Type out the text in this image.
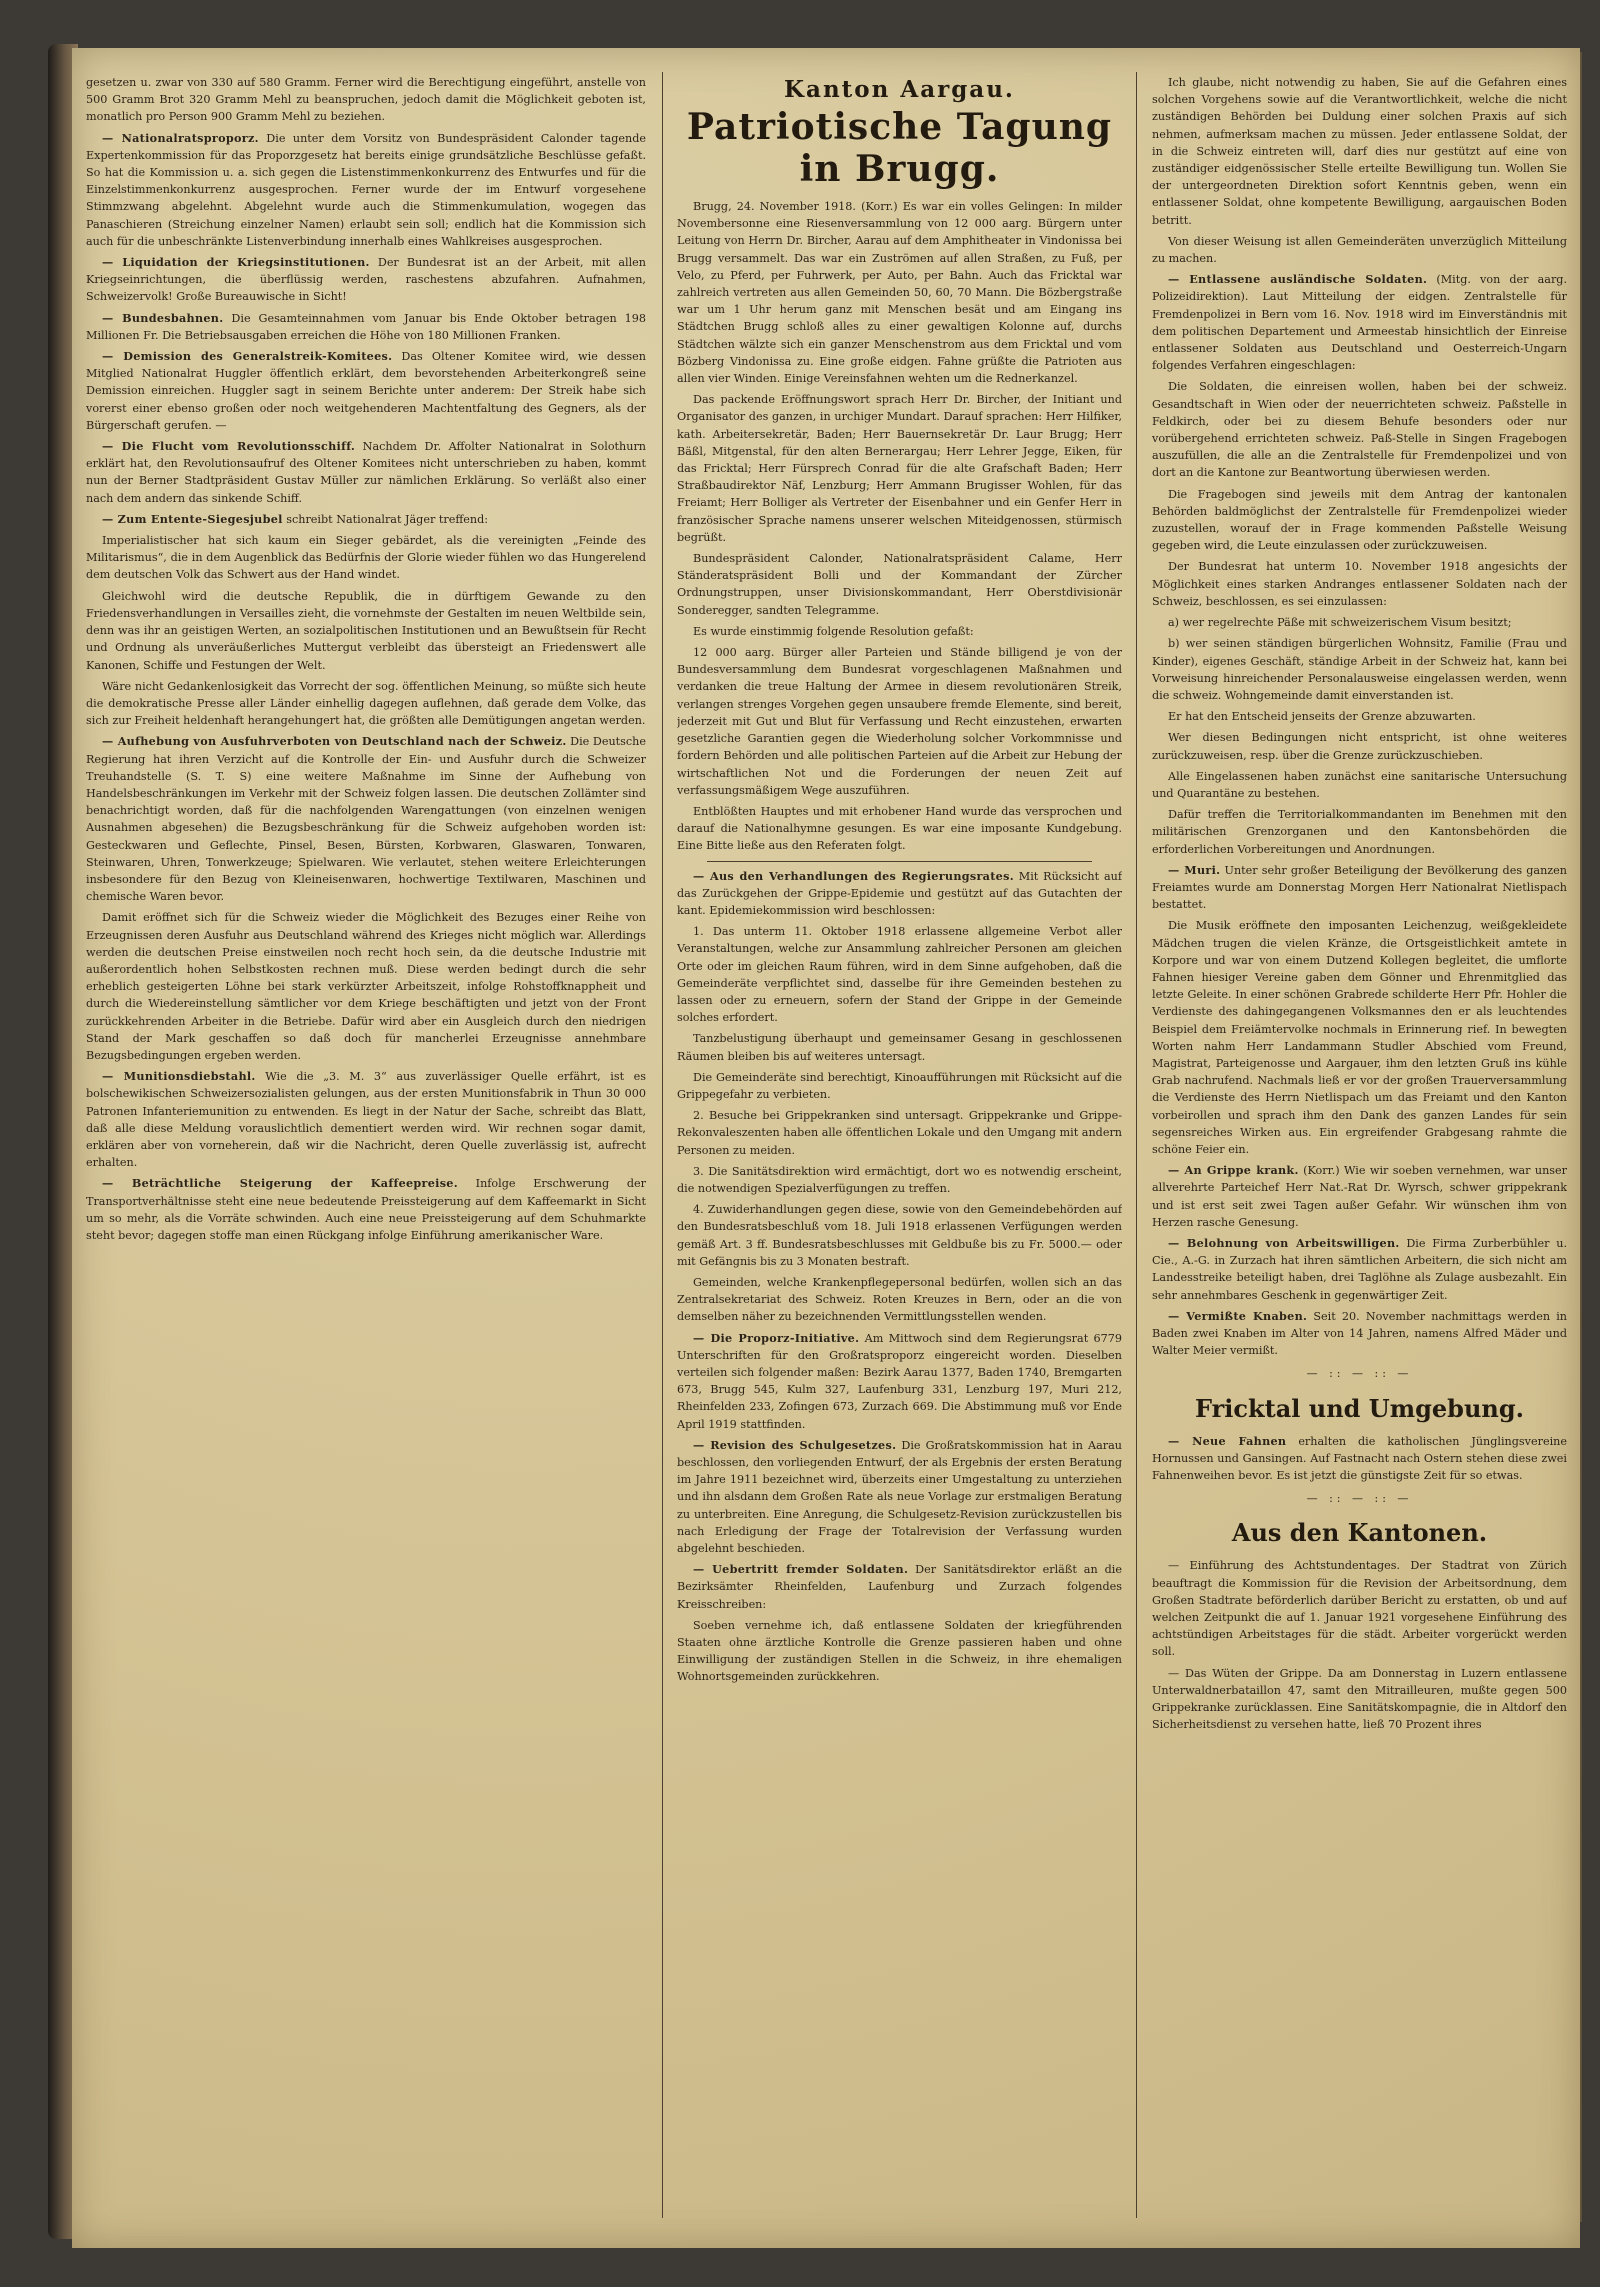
gesetzen u. zwar von 330 auf 580 Gramm. Ferner wird die Berechtigung eingeführt, anstelle von 500 Gramm Brot 320 Gramm Mehl zu beanspruchen, jedoch damit die Möglichkeit geboten ist, monatlich pro Person 900 Gramm Mehl zu beziehen.

— Nationalratsproporz. Die unter dem Vorsitz von Bundespräsident Calonder tagende Expertenkommission für das Proporzgesetz hat bereits einige grundsätzliche Beschlüsse gefaßt. So hat die Kommission u. a. sich gegen die Listenstimmenkonkurrenz des Entwurfes und für die Einzelstimmenkonkurrenz ausgesprochen. Ferner wurde der im Entwurf vorgesehene Stimmzwang abgelehnt. Abgelehnt wurde auch die Stimmenkumulation, wogegen das Panaschieren (Streichung einzelner Namen) erlaubt sein soll; endlich hat die Kommission sich auch für die unbeschränkte Listenverbindung innerhalb eines Wahlkreises ausgesprochen.

— Liquidation der Kriegsinstitutionen. Der Bundesrat ist an der Arbeit, mit allen Kriegseinrichtungen, die überflüssig werden, raschestens abzufahren. Aufnahmen, Schweizervolk! Große Bureauwische in Sicht!

— Bundesbahnen. Die Gesamteinnahmen vom Januar bis Ende Oktober betragen 198 Millionen Fr. Die Betriebsausgaben erreichen die Höhe von 180 Millionen Franken.

— Demission des Generalstreik-Komitees. Das Oltener Komitee wird, wie dessen Mitglied Nationalrat Huggler öffentlich erklärt, dem bevorstehenden Arbeiterkongreß seine Demission einreichen. Huggler sagt in seinem Berichte unter anderem: Der Streik habe sich vorerst einer ebenso großen oder noch weitgehenderen Machtentfaltung des Gegners, als der Bürgerschaft gerufen. —

— Die Flucht vom Revolutionsschiff. Nachdem Dr. Affolter Nationalrat in Solothurn erklärt hat, den Revolutionsaufruf des Oltener Komitees nicht unterschrieben zu haben, kommt nun der Berner Stadtpräsident Gustav Müller zur nämlichen Erklärung. So verläßt also einer nach dem andern das sinkende Schiff.

— Zum Entente-Siegesjubel schreibt Nationalrat Jäger treffend:

Imperialistischer hat sich kaum ein Sieger gebärdet, als die vereinigten „Feinde des Militarismus“, die in dem Augenblick das Bedürfnis der Glorie wieder fühlen wo das Hungerelend dem deutschen Volk das Schwert aus der Hand windet.

Gleichwohl wird die deutsche Republik, die in dürftigem Gewande zu den Friedensverhandlungen in Versailles zieht, die vornehmste der Gestalten im neuen Weltbilde sein, denn was ihr an geistigen Werten, an sozialpolitischen Institutionen und an Bewußtsein für Recht und Ordnung als unveräußerliches Muttergut verbleibt das übersteigt an Friedenswert alle Kanonen, Schiffe und Festungen der Welt.

Wäre nicht Gedankenlosigkeit das Vorrecht der sog. öffentlichen Meinung, so müßte sich heute die demokratische Presse aller Länder einhellig dagegen auflehnen, daß gerade dem Volke, das sich zur Freiheit heldenhaft herangehungert hat, die größten alle Demütigungen angetan werden.

— Aufhebung von Ausfuhrverboten von Deutschland nach der Schweiz. Die Deutsche Regierung hat ihren Verzicht auf die Kontrolle der Ein- und Ausfuhr durch die Schweizer Treuhandstelle (S. T. S) eine weitere Maßnahme im Sinne der Aufhebung von Handelsbeschränkungen im Verkehr mit der Schweiz folgen lassen. Die deutschen Zollämter sind benachrichtigt worden, daß für die nachfolgenden Warengattungen (von einzelnen wenigen Ausnahmen abgesehen) die Bezugsbeschränkung für die Schweiz aufgehoben worden ist: Gesteckwaren und Geflechte, Pinsel, Besen, Bürsten, Korbwaren, Glaswaren, Tonwaren, Steinwaren, Uhren, Tonwerkzeuge; Spielwaren. Wie verlautet, stehen weitere Erleichterungen insbesondere für den Bezug von Kleineisenwaren, hochwertige Textilwaren, Maschinen und chemische Waren bevor.

Damit eröffnet sich für die Schweiz wieder die Möglichkeit des Bezuges einer Reihe von Erzeugnissen deren Ausfuhr aus Deutschland während des Krieges nicht möglich war. Allerdings werden die deutschen Preise einstweilen noch recht hoch sein, da die deutsche Industrie mit außerordentlich hohen Selbstkosten rechnen muß. Diese werden bedingt durch die sehr erheblich gesteigerten Löhne bei stark verkürzter Arbeitszeit, infolge Rohstoffknappheit und durch die Wiedereinstellung sämtlicher vor dem Kriege beschäftigten und jetzt von der Front zurückkehrenden Arbeiter in die Betriebe. Dafür wird aber ein Ausgleich durch den niedrigen Stand der Mark geschaffen so daß doch für mancherlei Erzeugnisse annehmbare Bezugsbedingungen ergeben werden.

— Munitionsdiebstahl. Wie die „3. M. 3“ aus zuverlässiger Quelle erfährt, ist es bolschewikischen Schweizersozialisten gelungen, aus der ersten Munitionsfabrik in Thun 30 000 Patronen Infanteriemunition zu entwenden. Es liegt in der Natur der Sache, schreibt das Blatt, daß alle diese Meldung vorauslichtlich dementiert werden wird. Wir rechnen sogar damit, erklären aber von vorneherein, daß wir die Nachricht, deren Quelle zuverlässig ist, aufrecht erhalten.

— Beträchtliche Steigerung der Kaffeepreise. Infolge Erschwerung der Transportverhältnisse steht eine neue bedeutende Preissteigerung auf dem Kaffeemarkt in Sicht um so mehr, als die Vorräte schwinden. Auch eine neue Preissteigerung auf dem Schuhmarkte steht bevor; dagegen stoffe man einen Rückgang infolge Einführung amerikanischer Ware.

Kanton Aargau.
Patriotische Tagung in Brugg.

Brugg, 24. November 1918. (Korr.) Es war ein volles Gelingen: In milder Novembersonne eine Riesenversammlung von 12 000 aarg. Bürgern unter Leitung von Herrn Dr. Bircher, Aarau auf dem Amphitheater in Vindonissa bei Brugg versammelt. Das war ein Zuströmen auf allen Straßen, zu Fuß, per Velo, zu Pferd, per Fuhrwerk, per Auto, per Bahn. Auch das Fricktal war zahlreich vertreten aus allen Gemeinden 50, 60, 70 Mann. Die Bözbergstraße war um 1 Uhr herum ganz mit Menschen besät und am Eingang ins Städtchen Brugg schloß alles zu einer gewaltigen Kolonne auf, durchs Städtchen wälzte sich ein ganzer Menschenstrom aus dem Fricktal und vom Bözberg Vindonissa zu. Eine große eidgen. Fahne grüßte die Patrioten aus allen vier Winden. Einige Vereinsfahnen wehten um die Rednerkanzel.

Das packende Eröffnungswort sprach Herr Dr. Bircher, der Initiant und Organisator des ganzen, in urchiger Mundart. Darauf sprachen: Herr Hilfiker, kath. Arbeitersekretär, Baden; Herr Bauernsekretär Dr. Laur Brugg; Herr Bäßl, Mitgenstal, für den alten Bernerargau; Herr Lehrer Jegge, Eiken, für das Fricktal; Herr Fürsprech Conrad für die alte Grafschaft Baden; Herr Straßbaudirektor Näf, Lenzburg; Herr Ammann Brugisser Wohlen, für das Freiamt; Herr Bolliger als Vertreter der Eisenbahner und ein Genfer Herr in französischer Sprache namens unserer welschen Miteidgenossen, stürmisch begrüßt.

Bundespräsident Calonder, Nationalratspräsident Calame, Herr Ständeratspräsident Bolli und der Kommandant der Zürcher Ordnungstruppen, unser Divisionskommandant, Herr Oberstdivisionär Sonderegger, sandten Telegramme.

Es wurde einstimmig folgende Resolution gefaßt:

12 000 aarg. Bürger aller Parteien und Stände billigend je von der Bundesversammlung dem Bundesrat vorgeschlagenen Maßnahmen und verdanken die treue Haltung der Armee in diesem revolutionären Streik, verlangen strenges Vorgehen gegen unsaubere fremde Elemente, sind bereit, jederzeit mit Gut und Blut für Verfassung und Recht einzustehen, erwarten gesetzliche Garantien gegen die Wiederholung solcher Vorkommnisse und fordern Behörden und alle politischen Parteien auf die Arbeit zur Hebung der wirtschaftlichen Not und die Forderungen der neuen Zeit auf verfassungsmäßigem Wege auszuführen.

Entblößten Hauptes und mit erhobener Hand wurde das versprochen und darauf die Nationalhymne gesungen. Es war eine imposante Kundgebung. Eine Bitte ließe aus den Referaten folgt.

— Aus den Verhandlungen des Regierungsrates. Mit Rücksicht auf das Zurückgehen der Grippe-Epidemie und gestützt auf das Gutachten der kant. Epidemiekommission wird beschlossen:

1. Das unterm 11. Oktober 1918 erlassene allgemeine Verbot aller Veranstaltungen, welche zur Ansammlung zahlreicher Personen am gleichen Orte oder im gleichen Raum führen, wird in dem Sinne aufgehoben, daß die Gemeinderäte verpflichtet sind, dasselbe für ihre Gemeinden bestehen zu lassen oder zu erneuern, sofern der Stand der Grippe in der Gemeinde solches erfordert.

Tanzbelustigung überhaupt und gemeinsamer Gesang in geschlossenen Räumen bleiben bis auf weiteres untersagt.

Die Gemeinderäte sind berechtigt, Kinoaufführungen mit Rücksicht auf die Grippegefahr zu verbieten.

2. Besuche bei Grippekranken sind untersagt. Grippekranke und Grippe-Rekonvaleszenten haben alle öffentlichen Lokale und den Umgang mit andern Personen zu meiden.

3. Die Sanitätsdirektion wird ermächtigt, dort wo es notwendig erscheint, die notwendigen Spezialverfügungen zu treffen.

4. Zuwiderhandlungen gegen diese, sowie von den Gemeindebehörden auf den Bundesratsbeschluß vom 18. Juli 1918 erlassenen Verfügungen werden gemäß Art. 3 ff. Bundesratsbeschlusses mit Geldbuße bis zu Fr. 5000.— oder mit Gefängnis bis zu 3 Monaten bestraft.

Gemeinden, welche Krankenpflegepersonal bedürfen, wollen sich an das Zentralsekretariat des Schweiz. Roten Kreuzes in Bern, oder an die von demselben näher zu bezeichnenden Vermittlungsstellen wenden.

— Die Proporz-Initiative. Am Mittwoch sind dem Regierungsrat 6779 Unterschriften für den Großratsproporz eingereicht worden. Dieselben verteilen sich folgender maßen: Bezirk Aarau 1377, Baden 1740, Bremgarten 673, Brugg 545, Kulm 327, Laufenburg 331, Lenzburg 197, Muri 212, Rheinfelden 233, Zofingen 673, Zurzach 669. Die Abstimmung muß vor Ende April 1919 stattfinden.

— Revision des Schulgesetzes. Die Großratskommission hat in Aarau beschlossen, den vorliegenden Entwurf, der als Ergebnis der ersten Beratung im Jahre 1911 bezeichnet wird, überzeits einer Umgestaltung zu unterziehen und ihn alsdann dem Großen Rate als neue Vorlage zur erstmaligen Beratung zu unterbreiten. Eine Anregung, die Schulgesetz-Revision zurückzustellen bis nach Erledigung der Frage der Totalrevision der Verfassung wurden abgelehnt beschieden.

— Uebertritt fremder Soldaten. Der Sanitätsdirektor erläßt an die Bezirksämter Rheinfelden, Laufenburg und Zurzach folgendes Kreisschreiben:

Soeben vernehme ich, daß entlassene Soldaten der kriegführenden Staaten ohne ärztliche Kontrolle die Grenze passieren haben und ohne Einwilligung der zuständigen Stellen in die Schweiz, in ihre ehemaligen Wohnortsgemeinden zurückkehren.

Ich glaube, nicht notwendig zu haben, Sie auf die Gefahren eines solchen Vorgehens sowie auf die Verantwortlichkeit, welche die nicht zuständigen Behörden bei Duldung einer solchen Praxis auf sich nehmen, aufmerksam machen zu müssen. Jeder entlassene Soldat, der in die Schweiz eintreten will, darf dies nur gestützt auf eine von zuständiger eidgenössischer Stelle erteilte Bewilligung tun. Wollen Sie der untergeordneten Direktion sofort Kenntnis geben, wenn ein entlassener Soldat, ohne kompetente Bewilligung, aargauischen Boden betritt.

Von dieser Weisung ist allen Gemeinderäten unverzüglich Mitteilung zu machen.

— Entlassene ausländische Soldaten. (Mitg. von der aarg. Polizeidirektion). Laut Mitteilung der eidgen. Zentralstelle für Fremdenpolizei in Bern vom 16. Nov. 1918 wird im Einverständnis mit dem politischen Departement und Armeestab hinsichtlich der Einreise entlassener Soldaten aus Deutschland und Oesterreich-Ungarn folgendes Verfahren eingeschlagen:

Die Soldaten, die einreisen wollen, haben bei der schweiz. Gesandtschaft in Wien oder der neuerrichteten schweiz. Paßstelle in Feldkirch, oder bei zu diesem Behufe besonders oder nur vorübergehend errichteten schweiz. Paß-Stelle in Singen Fragebogen auszufüllen, die alle an die Zentralstelle für Fremdenpolizei und von dort an die Kantone zur Beantwortung überwiesen werden.

Die Fragebogen sind jeweils mit dem Antrag der kantonalen Behörden baldmöglichst der Zentralstelle für Fremdenpolizei wieder zuzustellen, worauf der in Frage kommenden Paßstelle Weisung gegeben wird, die Leute einzulassen oder zurückzuweisen.

Der Bundesrat hat unterm 10. November 1918 angesichts der Möglichkeit eines starken Andranges entlassener Soldaten nach der Schweiz, beschlossen, es sei einzulassen:

a) wer regelrechte Päße mit schweizerischem Visum besitzt;

b) wer seinen ständigen bürgerlichen Wohnsitz, Familie (Frau und Kinder), eigenes Geschäft, ständige Arbeit in der Schweiz hat, kann bei Vorweisung hinreichender Personalausweise eingelassen werden, wenn die schweiz. Wohngemeinde damit einverstanden ist.

Er hat den Entscheid jenseits der Grenze abzuwarten.

Wer diesen Bedingungen nicht entspricht, ist ohne weiteres zurückzuweisen, resp. über die Grenze zurückzuschieben.

Alle Eingelassenen haben zunächst eine sanitarische Untersuchung und Quarantäne zu bestehen.

Dafür treffen die Territorialkommandanten im Benehmen mit den militärischen Grenzorganen und den Kantonsbehörden die erforderlichen Vorbereitungen und Anordnungen.

— Muri. Unter sehr großer Beteiligung der Bevölkerung des ganzen Freiamtes wurde am Donnerstag Morgen Herr Nationalrat Nietlispach bestattet.

Die Musik eröffnete den imposanten Leichenzug, weißgekleidete Mädchen trugen die vielen Kränze, die Ortsgeistlichkeit amtete in Korpore und war von einem Dutzend Kollegen begleitet, die umflorte Fahnen hiesiger Vereine gaben dem Gönner und Ehrenmitglied das letzte Geleite. In einer schönen Grabrede schilderte Herr Pfr. Hohler die Verdienste des dahingegangenen Volksmannes den er als leuchtendes Beispiel dem Freiämtervolke nochmals in Erinnerung rief. In bewegten Worten nahm Herr Landammann Studler Abschied vom Freund, Magistrat, Parteigenosse und Aargauer, ihm den letzten Gruß ins kühle Grab nachrufend. Nachmals ließ er vor der großen Trauerversammlung die Verdienste des Herrn Nietlispach um das Freiamt und den Kanton vorbeirollen und sprach ihm den Dank des ganzen Landes für sein segensreiches Wirken aus. Ein ergreifender Grabgesang rahmte die schöne Feier ein.

— An Grippe krank. (Korr.) Wie wir soeben vernehmen, war unser allverehrte Parteichef Herr Nat.-Rat Dr. Wyrsch, schwer grippekrank und ist erst seit zwei Tagen außer Gefahr. Wir wünschen ihm von Herzen rasche Genesung.

— Belohnung von Arbeitswilligen. Die Firma Zurberbühler u. Cie., A.-G. in Zurzach hat ihren sämtlichen Arbeitern, die sich nicht am Landesstreike beteiligt haben, drei Taglöhne als Zulage ausbezahlt. Ein sehr annehmbares Geschenk in gegenwärtiger Zeit.

— Vermißte Knaben. Seit 20. November nachmittags werden in Baden zwei Knaben im Alter von 14 Jahren, namens Alfred Mäder und Walter Meier vermißt.

— :: — :: —
Fricktal und Umgebung.

— Neue Fahnen erhalten die katholischen Jünglingsvereine Hornussen und Gansingen. Auf Fastnacht nach Ostern stehen diese zwei Fahnenweihen bevor. Es ist jetzt die günstigste Zeit für so etwas.

— :: — :: —
Aus den Kantonen.

— Einführung des Achtstundentages. Der Stadtrat von Zürich beauftragt die Kommission für die Revision der Arbeitsordnung, dem Großen Stadtrate beförderlich darüber Bericht zu erstatten, ob und auf welchen Zeitpunkt die auf 1. Januar 1921 vorgesehene Einführung des achtstündigen Arbeitstages für die städt. Arbeiter vorgerückt werden soll.

— Das Wüten der Grippe. Da am Donnerstag in Luzern entlassene Unterwaldnerbataillon 47, samt den Mitrailleuren, mußte gegen 500 Grippekranke zurücklassen. Eine Sanitätskompagnie, die in Altdorf den Sicherheitsdienst zu versehen hatte, ließ 70 Prozent ihres
